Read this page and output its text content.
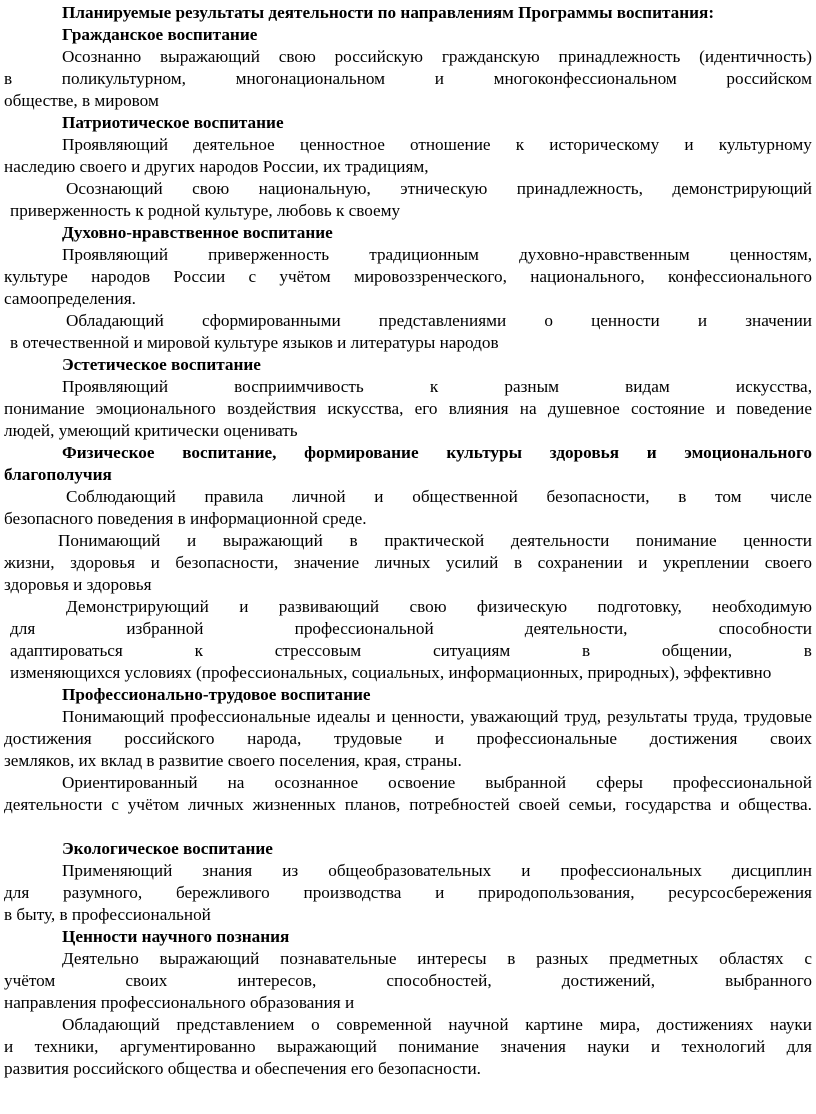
Планируемые результаты деятельности по направлениям Программы воспитания:
Гражданское воспитание
Осознанно выражающий свою российскую гражданскую принадлежность (идентичность)
в	поликультурном,	многонациональном	и	многоконфессиональном	российском
обществе, в мировом
Патриотическое воспитание
Проявляющий деятельное ценностное отношение к историческому и культурному
наследию своего и других народов России, их традициям,
Осознающий свою национальную, этническую принадлежность, демонстрирующий
приверженность к родной культуре, любовь к своему
Духовно-нравственное воспитание
Проявляющий приверженность традиционным духовно-нравственным ценностям,
культуре народов России с учётом мировоззренческого, национального, конфессионального
самоопределения.
Обладающий сформированными представлениями о ценности и значении
в отечественной и мировой культуре языков и литературы народов
Эстетическое воспитание
Проявляющий	восприимчивость	к	разным	видам	искусства,
понимание эмоционального воздействия искусства, его влияния на душевное состояние и поведение
людей, умеющий критически оценивать
Физическое воспитание, формирование культуры здоровья и эмоционального
благополучия
Соблюдающий правила личной и общественной безопасности, в том числе
безопасного поведения в информационной среде.
Понимающий и выражающий в практической деятельности понимание ценности
жизни, здоровья и безопасности, значение личных усилий в сохранении и укреплении своего
здоровья и здоровья
Демонстрирующий и развивающий свою физическую подготовку, необходимую
для	избранной	профессиональной	деятельности,	способности
адаптироваться	к	стрессовым	ситуациям	в	общении,	в
изменяющихся условиях (профессиональных, социальных, информационных, природных), эффективно
Профессионально-трудовое воспитание
Понимающий профессиональные идеалы и ценности, уважающий труд, результаты труда, трудовые
достижения российского народа, трудовые и профессиональные достижения своих
земляков, их вклад в развитие своего поселения, края, страны.
Ориентированный на осознанное освоение выбранной сферы профессиональной
деятельности с учётом личных жизненных планов, потребностей своей семьи, государства и общества.
Экологическое воспитание
Применяющий знания из общеобразовательных и профессиональных дисциплин
для разумного, бережливого производства и природопользования, ресурсосбережения
в быту, в профессиональной
Ценности научного познания
Деятельно выражающий познавательные интересы в разных предметных областях с
учётом	своих	интересов,	способностей,	достижений,	выбранного
направления профессионального образования и
Обладающий представлением о современной научной картине мира, достижениях науки
и техники, аргументированно выражающий понимание значения науки и технологий для
развития российского общества и обеспечения его безопасности.
